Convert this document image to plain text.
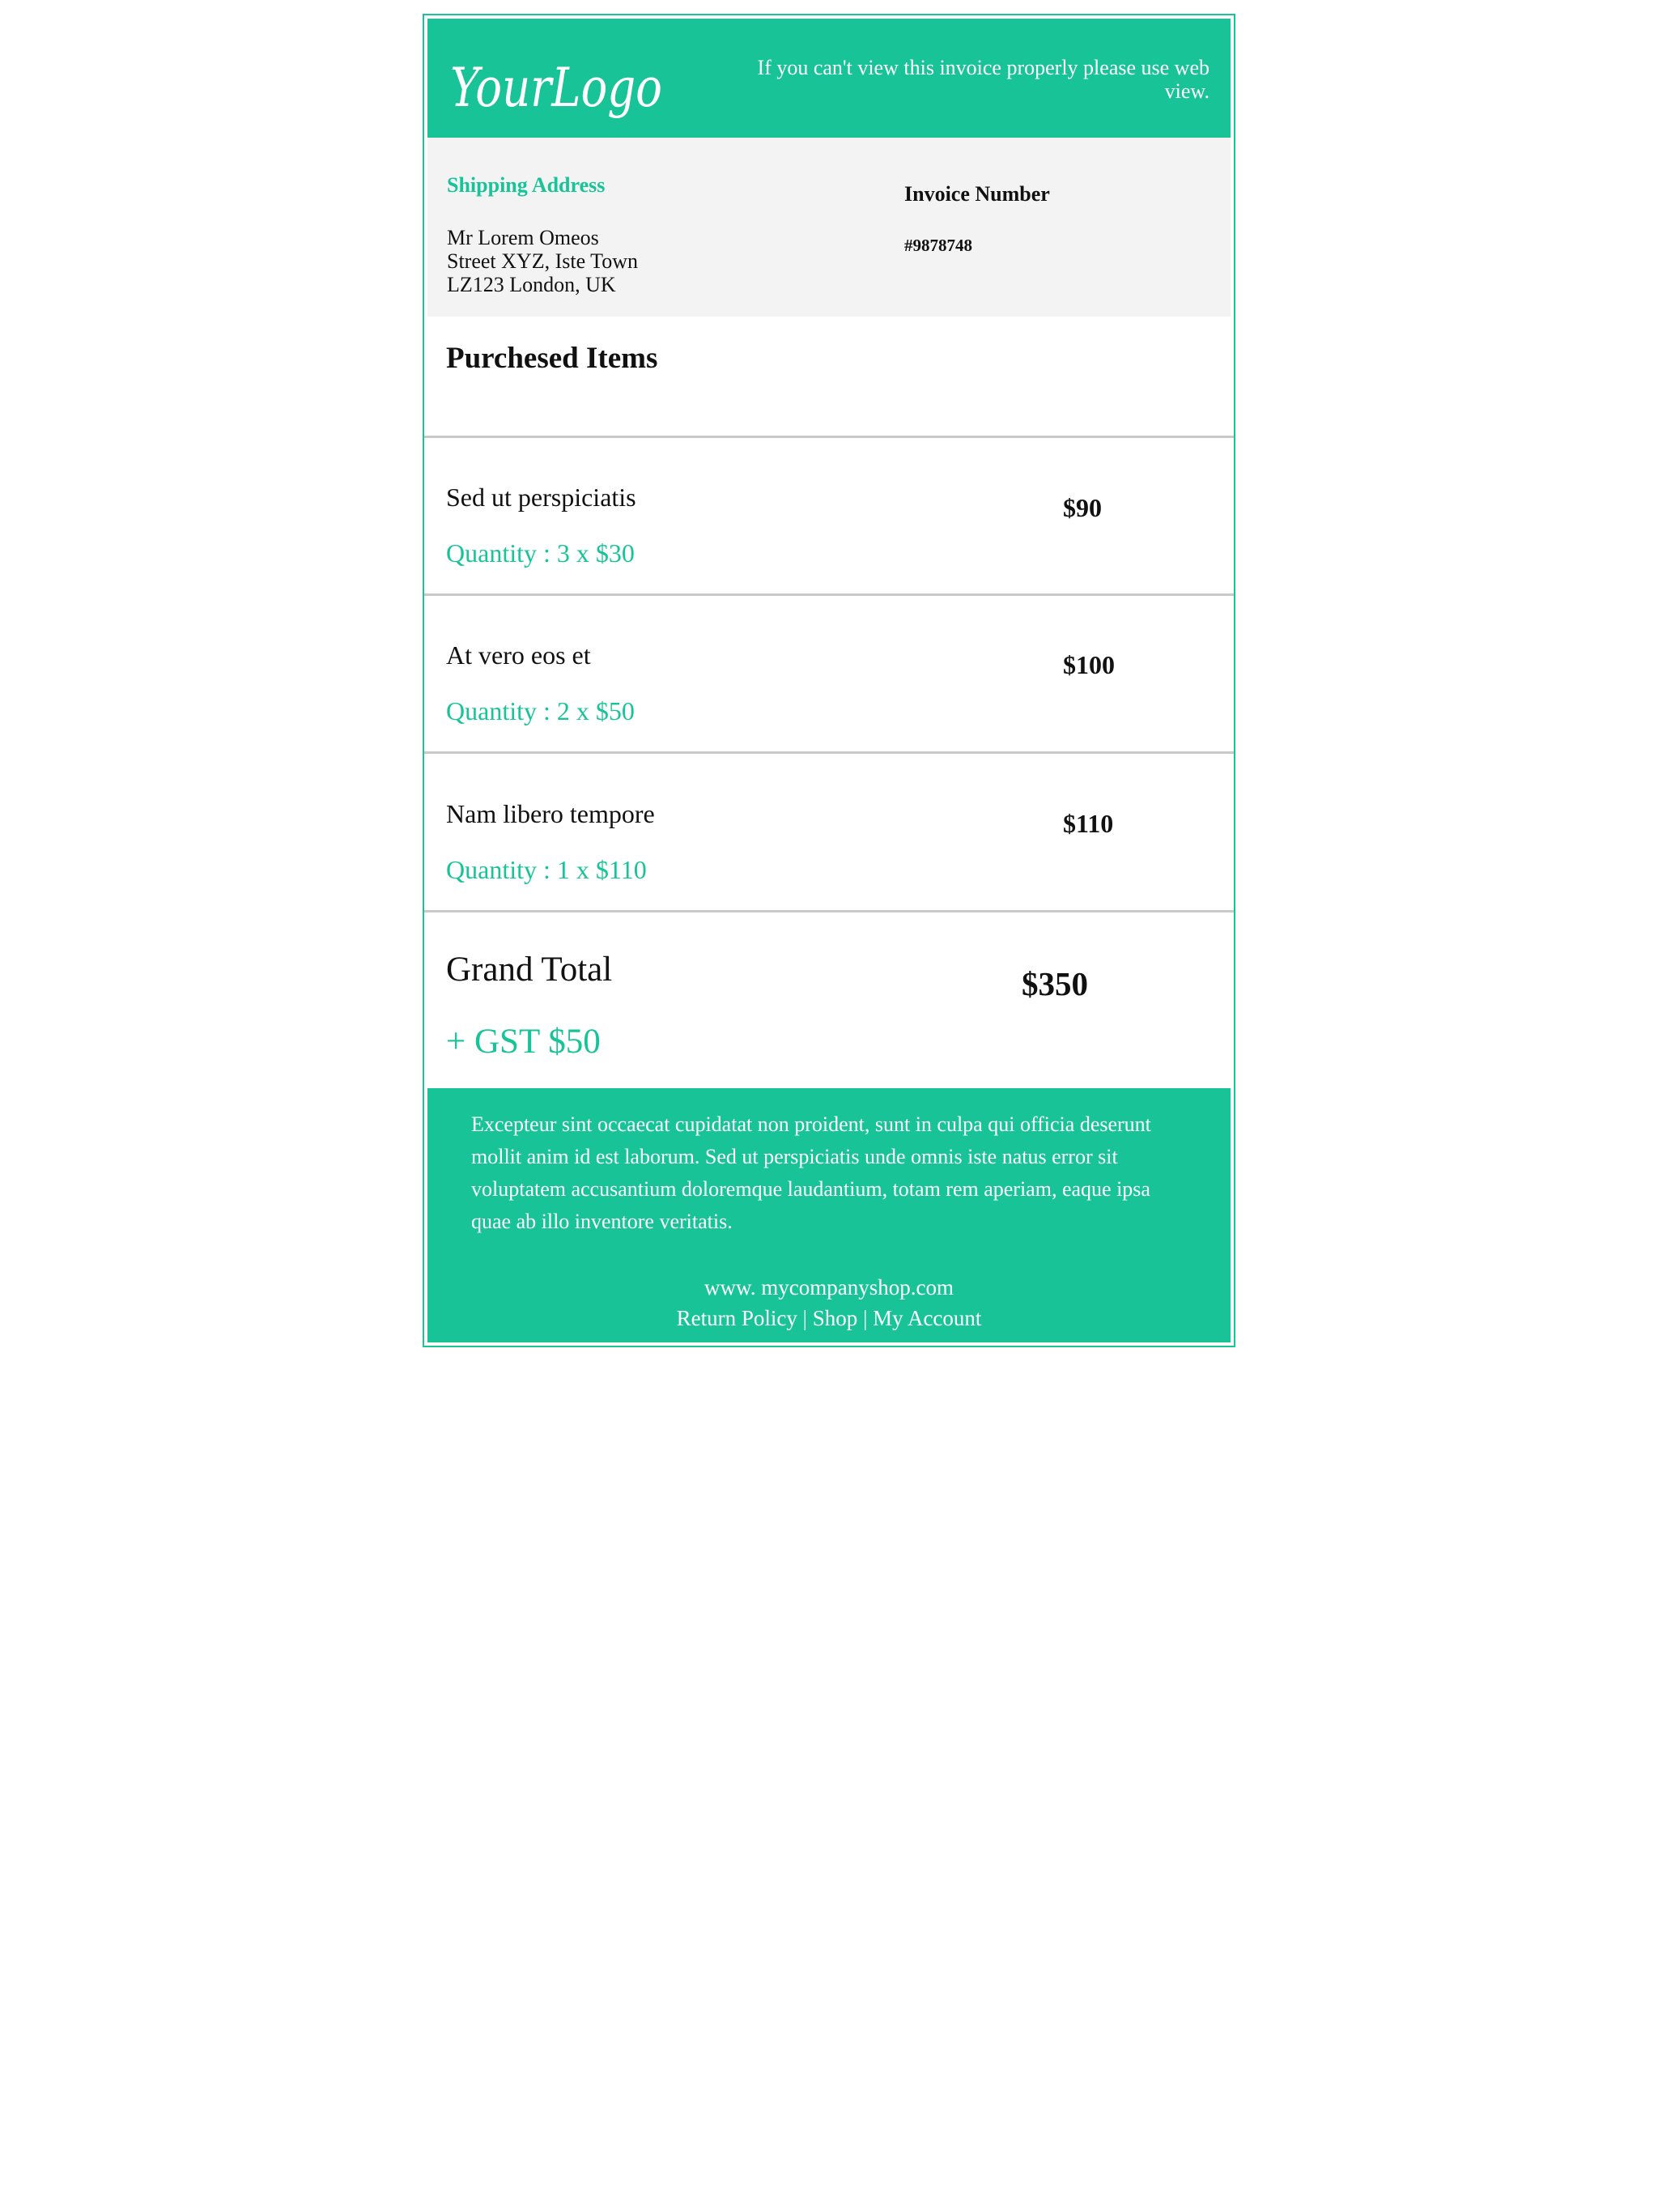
YourLogo	If you can't view this invoice properly please use web view.
Shipping Address
Mr Lorem Omeos
Street XYZ, Iste Town
LZ123 London, UK
Invoice Number
#9878748
Purchesed Items
Sed ut perspiciatis
Quantity : 3 x $30
$90
At vero eos et
Quantity : 2 x $50
$100
Nam libero tempore
Quantity : 1 x $110
$110
Grand Total	$350
+ GST $50
Excepteur sint occaecat cupidatat non proident, sunt in culpa qui officia deserunt mollit anim id est laborum. Sed ut perspiciatis unde omnis iste natus error sit voluptatem accusantium doloremque laudantium, totam rem aperiam, eaque ipsa quae ab illo inventore veritatis.
www. mycompanyshop.com
Return Policy | Shop | My Account
